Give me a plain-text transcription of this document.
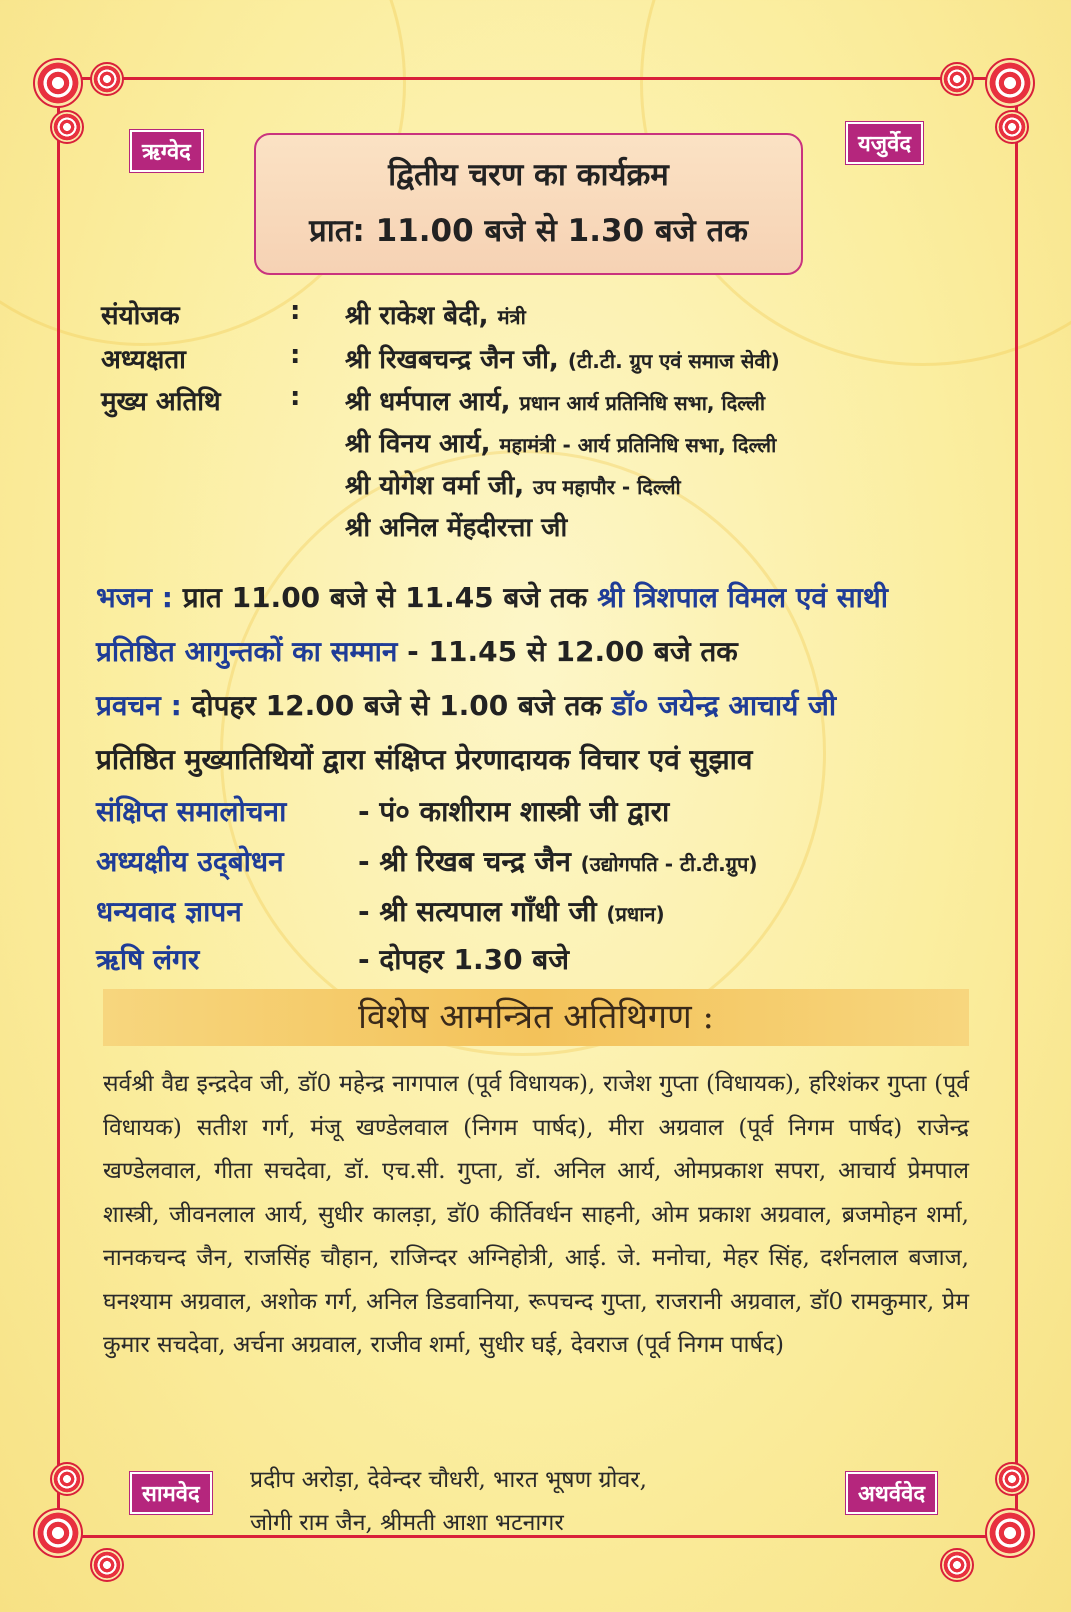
ऋग्वेद	यजुर्वेद
सामवेद	अथर्ववेद
द्वितीय चरण का कार्यक्रम
प्रात: 11.00 बजे से 1.30 बजे तक
संयोजक	: श्री राकेश बेदी, मंत्री
अध्यक्षता	: श्री रिखबचन्द्र जैन जी, (टी.टी. ग्रुप एवं समाज सेवी)
मुख्य अतिथि	: श्री धर्मपाल आर्य, प्रधान आर्य प्रतिनिधि सभा, दिल्ली
श्री विनय आर्य, महामंत्री - आर्य प्रतिनिधि सभा, दिल्ली
श्री योगेश वर्मा जी, उप महापौर - दिल्ली
श्री अनिल मेंहदीरत्ता जी
भजन : प्रात 11.00 बजे से 11.45 बजे तक श्री त्रिशपाल विमल एवं साथी
प्रतिष्ठित आगुन्तकों का सम्मान - 11.45 से 12.00 बजे तक
प्रवचन : दोपहर 12.00 बजे से 1.00 बजे तक डॉ० जयेन्द्र आचार्य जी
प्रतिष्ठित मुख्यातिथियों द्वारा संक्षिप्त प्रेरणादायक विचार एवं सुझाव
संक्षिप्त समालोचना	- पं० काशीराम शास्त्री जी द्वारा
अध्यक्षीय उद्‌बोधन	- श्री रिखब चन्द्र जैन (उद्योगपति - टी.टी.ग्रुप)
धन्यवाद ज्ञापन	- श्री सत्यपाल गाँधी जी (प्रधान)
ऋषि लंगर	- दोपहर 1.30 बजे
विशेष आमन्त्रित अतिथिगण :
सर्वश्री वैद्य इन्द्रदेव जी, डॉ0 महेन्द्र नागपाल (पूर्व विधायक), राजेश गुप्ता (विधायक), हरिशंकर गुप्ता (पूर्व विधायक) सतीश गर्ग, मंजू खण्डेलवाल (निगम पार्षद), मीरा अग्रवाल (पूर्व निगम पार्षद) राजेन्द्र खण्डेलवाल, गीता सचदेवा, डॉ. एच.सी. गुप्ता, डॉ. अनिल आर्य, ओमप्रकाश सपरा, आचार्य प्रेमपाल शास्त्री, जीवनलाल आर्य, सुधीर कालड़ा, डॉ0 कीर्तिवर्धन साहनी, ओम प्रकाश अग्रवाल, ब्रजमोहन शर्मा, नानकचन्द जैन, राजसिंह चौहान, राजिन्दर अग्निहोत्री, आई. जे. मनोचा, मेहर सिंह, दर्शनलाल बजाज, घनश्याम अग्रवाल, अशोक गर्ग, अनिल डिडवानिया, रूपचन्द गुप्ता, राजरानी अग्रवाल, डॉ0 रामकुमार, प्रेम कुमार सचदेवा, अर्चना अग्रवाल, राजीव शर्मा, सुधीर घई, देवराज (पूर्व निगम पार्षद)
प्रदीप अरोड़ा, देवेन्दर चौधरी, भारत भूषण ग्रोवर,
जोगी राम जैन, श्रीमती आशा भटनागर
